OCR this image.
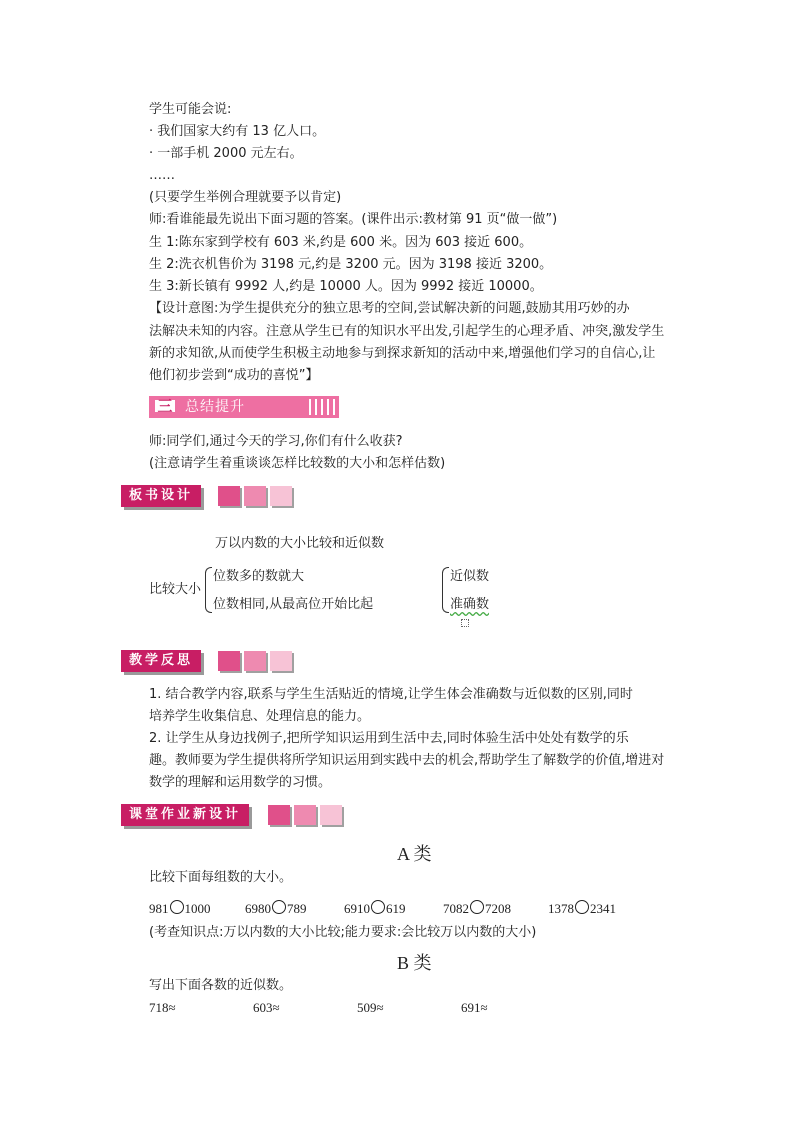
学生可能会说:
· 我们国家大约有 13 亿人口。
· 一部手机 2000 元左右。
……
(只要学生举例合理就要予以肯定)
师:看谁能最先说出下面习题的答案。(课件出示:教材第 91 页“做一做”)
生 1:陈东家到学校有 603 米,约是 600 米。因为 603 接近 600。
生 2:洗衣机售价为 3198 元,约是 3200 元。因为 3198 接近 3200。
生 3:新长镇有 9992 人,约是 10000 人。因为 9992 接近 10000。
【设计意图:为学生提供充分的独立思考的空间,尝试解决新的问题,鼓励其用巧妙的办
法解决未知的内容。注意从学生已有的知识水平出发,引起学生的心理矛盾、冲突,激发学生
新的求知欲,从而使学生积极主动地参与到探求新知的活动中来,增强他们学习的自信心,让
他们初步尝到“成功的喜悦”】
三 总结提升
师:同学们,通过今天的学习,你们有什么收获?
(注意请学生着重谈谈怎样比较数的大小和怎样估数)
板书设计
万以内数的大小比较和近似数
比较大小
位数多的数就大
位数相同,从最高位开始比起
近似数
准确数
教学反思
1. 结合教学内容,联系与学生生活贴近的情境,让学生体会准确数与近似数的区别,同时
培养学生收集信息、处理信息的能力。
2. 让学生从身边找例子,把所学知识运用到生活中去,同时体验生活中处处有数学的乐
趣。教师要为学生提供将所学知识运用到实践中去的机会,帮助学生了解数学的价值,增进对
数学的理解和运用数学的习惯。
课堂作业新设计
A 类
比较下面每组数的大小。
981 1000	6980 789	6910 619	7082 7208	1378 2341
(考查知识点:万以内数的大小比较;能力要求:会比较万以内数的大小)
B 类
写出下面各数的近似数。
718≈	603≈	509≈	691≈
